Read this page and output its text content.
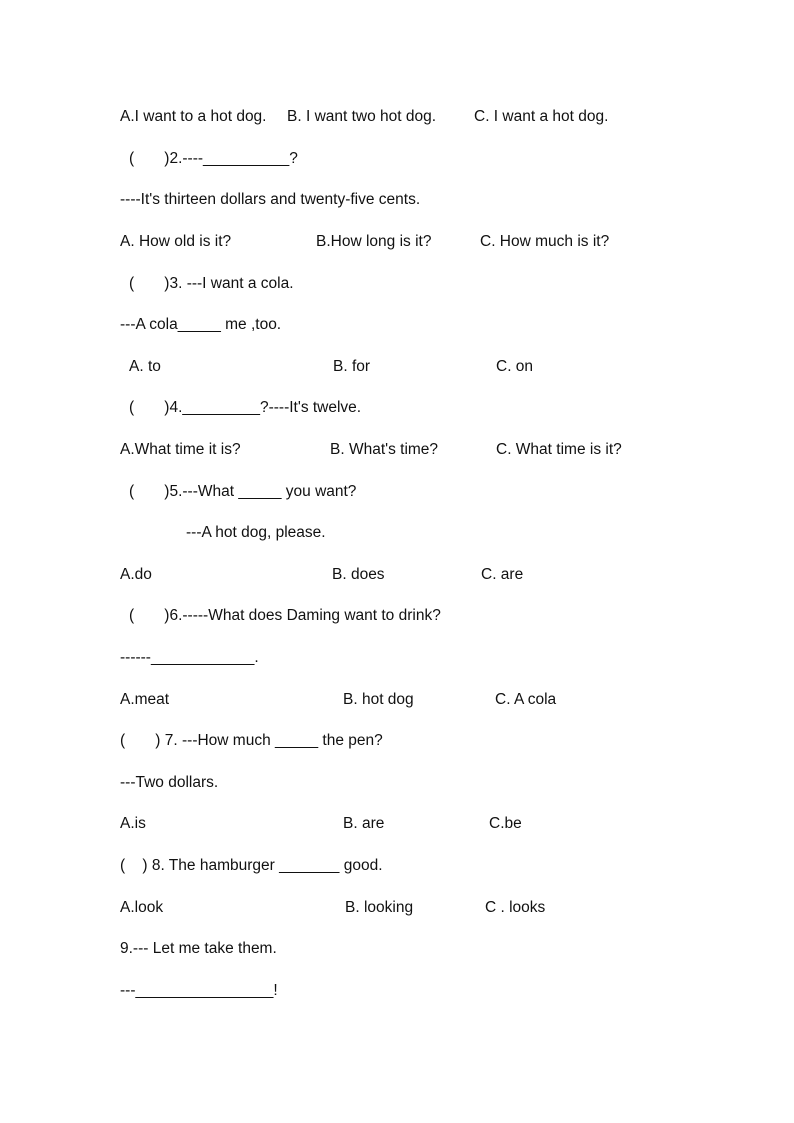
A.I want to a hot dog.

B. I want two hot dog.

C. I want a hot dog.

(       )2.----__________?
----It's thirteen dollars and twenty-five cents.

A. How old is it?

	B.How long is it?

	C. How much is it?

(       )3. ---I want a cola.
---A cola_____ me ,too.

A. to

	B. for

	C. on

(       )4._________?----It's twelve.

A.What time it is?

	B. What's time?

	C. What time is it?

(       )5.---What _____ you want?
---A hot dog, please.

A.do

	B. does

	C. are

(       )6.-----What does Daming want to drink?
------____________.

A.meat

	B. hot dog

	C. A cola

(       ) 7. ---How much _____ the pen?
---Two dollars.

A.is

	B. are

	C.be

(    ) 8. The hamburger _______ good.

A.look

	B. looking

	C . looks

9.--- Let me take them.
---________________!
